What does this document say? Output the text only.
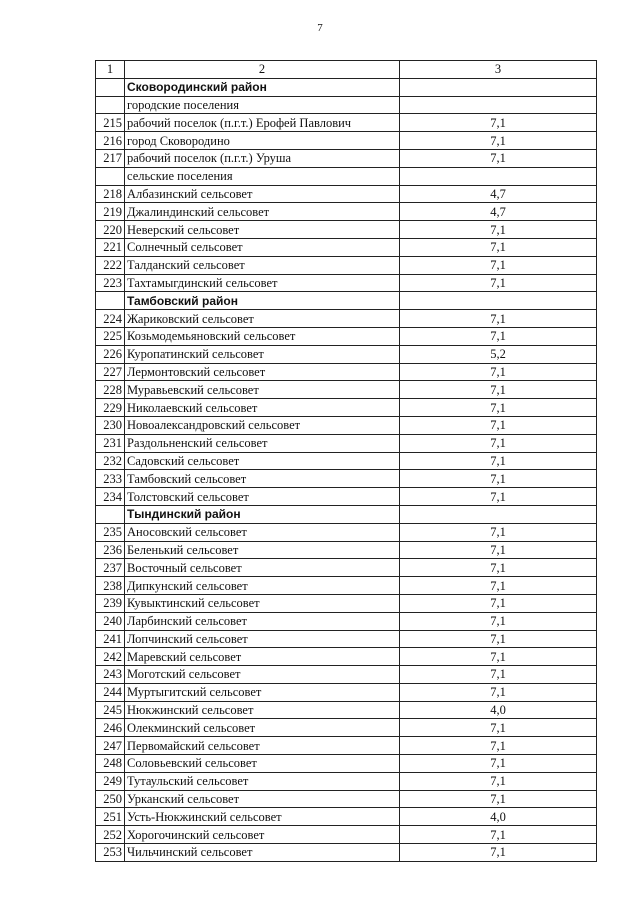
7
1	2	3
	Сковородинский район	
	городские поселения	
215	рабочий поселок (п.г.т.) Ерофей Павлович	7,1
216	город Сковородино	7,1
217	рабочий поселок (п.г.т.) Уруша	7,1
	сельские поселения	
218	Албазинский сельсовет	4,7
219	Джалиндинский сельсовет	4,7
220	Неверский сельсовет	7,1
221	Солнечный сельсовет	7,1
222	Талданский сельсовет	7,1
223	Тахтамыгдинский сельсовет	7,1
	Тамбовский район	
224	Жариковский сельсовет	7,1
225	Козьмодемьяновский сельсовет	7,1
226	Куропатинский сельсовет	5,2
227	Лермонтовский сельсовет	7,1
228	Муравьевский сельсовет	7,1
229	Николаевский сельсовет	7,1
230	Новоалександровский сельсовет	7,1
231	Раздольненский сельсовет	7,1
232	Садовский сельсовет	7,1
233	Тамбовский сельсовет	7,1
234	Толстовский сельсовет	7,1
	Тындинский район	
235	Аносовский сельсовет	7,1
236	Беленький сельсовет	7,1
237	Восточный сельсовет	7,1
238	Дипкунский сельсовет	7,1
239	Кувыктинский сельсовет	7,1
240	Ларбинский сельсовет	7,1
241	Лопчинский сельсовет	7,1
242	Маревский сельсовет	7,1
243	Моготский сельсовет	7,1
244	Муртыгитский сельсовет	7,1
245	Нюкжинский сельсовет	4,0
246	Олекминский сельсовет	7,1
247	Первомайский сельсовет	7,1
248	Соловьевский сельсовет	7,1
249	Тутаульский сельсовет	7,1
250	Урканский сельсовет	7,1
251	Усть-Нюкжинский сельсовет	4,0
252	Хорогочинский сельсовет	7,1
253	Чильчинский сельсовет	7,1
